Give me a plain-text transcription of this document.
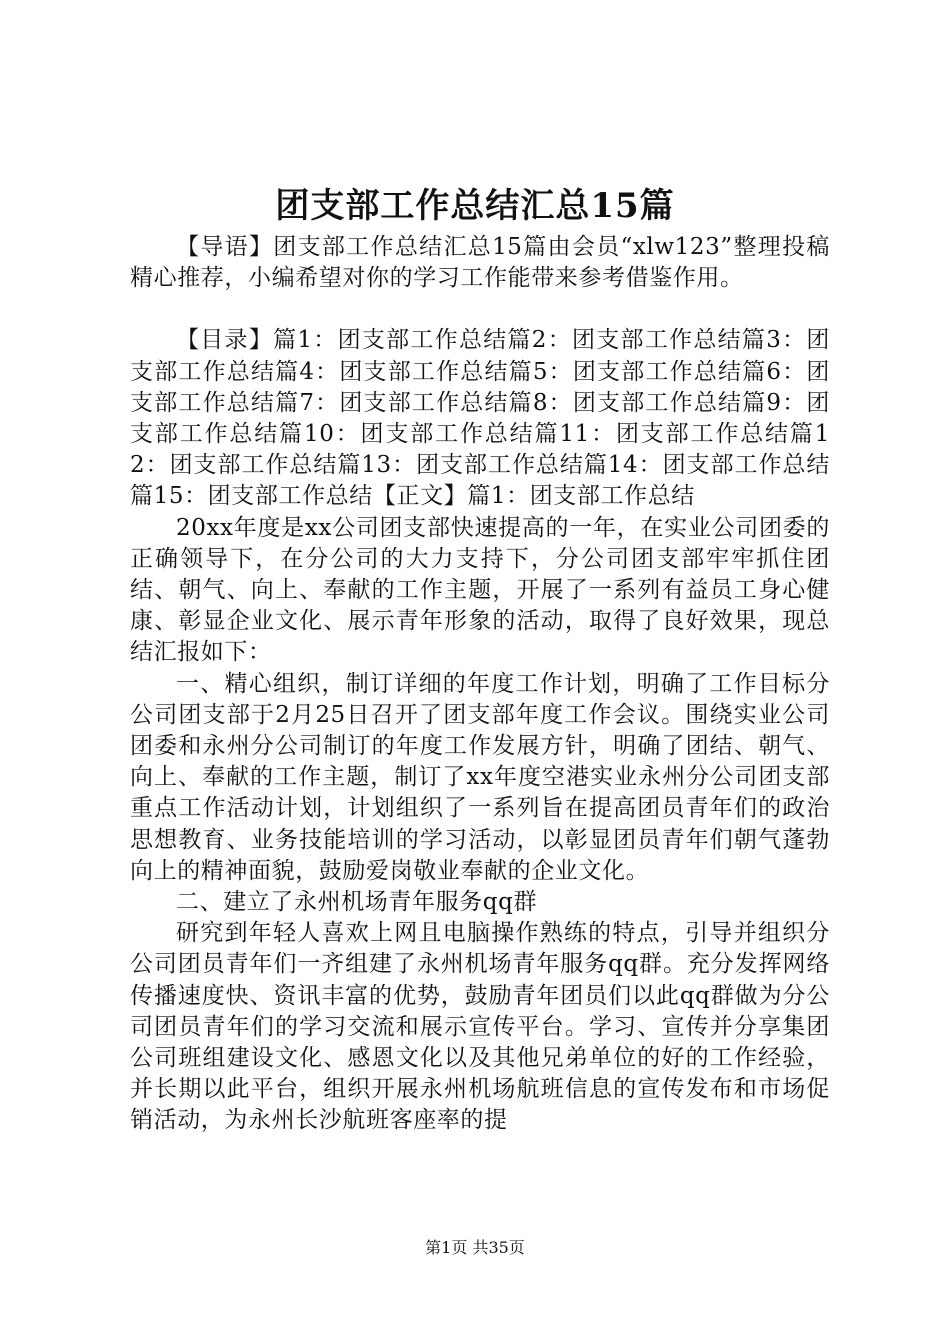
团支部工作总结汇总15篇

【导语】团支部工作总结汇总15篇由会员“xlw123”整理投稿精心推荐，小编希望对你的学习工作能带来参考借鉴作用。

【目录】篇1：团支部工作总结篇2：团支部工作总结篇3：团支部工作总结篇4：团支部工作总结篇5：团支部工作总结篇6：团支部工作总结篇7：团支部工作总结篇8：团支部工作总结篇9：团支部工作总结篇10：团支部工作总结篇11：团支部工作总结篇12：团支部工作总结篇13：团支部工作总结篇14：团支部工作总结篇15：团支部工作总结【正文】篇1：团支部工作总结

20xx年度是xx公司团支部快速提高的一年，在实业公司团委的正确领导下，在分公司的大力支持下，分公司团支部牢牢抓住团结、朝气、向上、奉献的工作主题，开展了一系列有益员工身心健康、彰显企业文化、展示青年形象的活动，取得了良好效果，现总结汇报如下：

一、精心组织，制订详细的年度工作计划，明确了工作目标分公司团支部于2月25日召开了团支部年度工作会议。围绕实业公司团委和永州分公司制订的年度工作发展方针，明确了团结、朝气、向上、奉献的工作主题，制订了xx年度空港实业永州分公司团支部重点工作活动计划，计划组织了一系列旨在提高团员青年们的政治思想教育、业务技能培训的学习活动，以彰显团员青年们朝气蓬勃向上的精神面貌，鼓励爱岗敬业奉献的企业文化。

二、建立了永州机场青年服务qq群

研究到年轻人喜欢上网且电脑操作熟练的特点，引导并组织分公司团员青年们一齐组建了永州机场青年服务qq群。充分发挥网络传播速度快、资讯丰富的优势，鼓励青年团员们以此qq群做为分公司团员青年们的学习交流和展示宣传平台。学习、宣传并分享集团公司班组建设文化、感恩文化以及其他兄弟单位的好的工作经验，并长期以此平台，组织开展永州机场航班信息的宣传发布和市场促销活动，为永州长沙航班客座率的提

第1页 共35页
